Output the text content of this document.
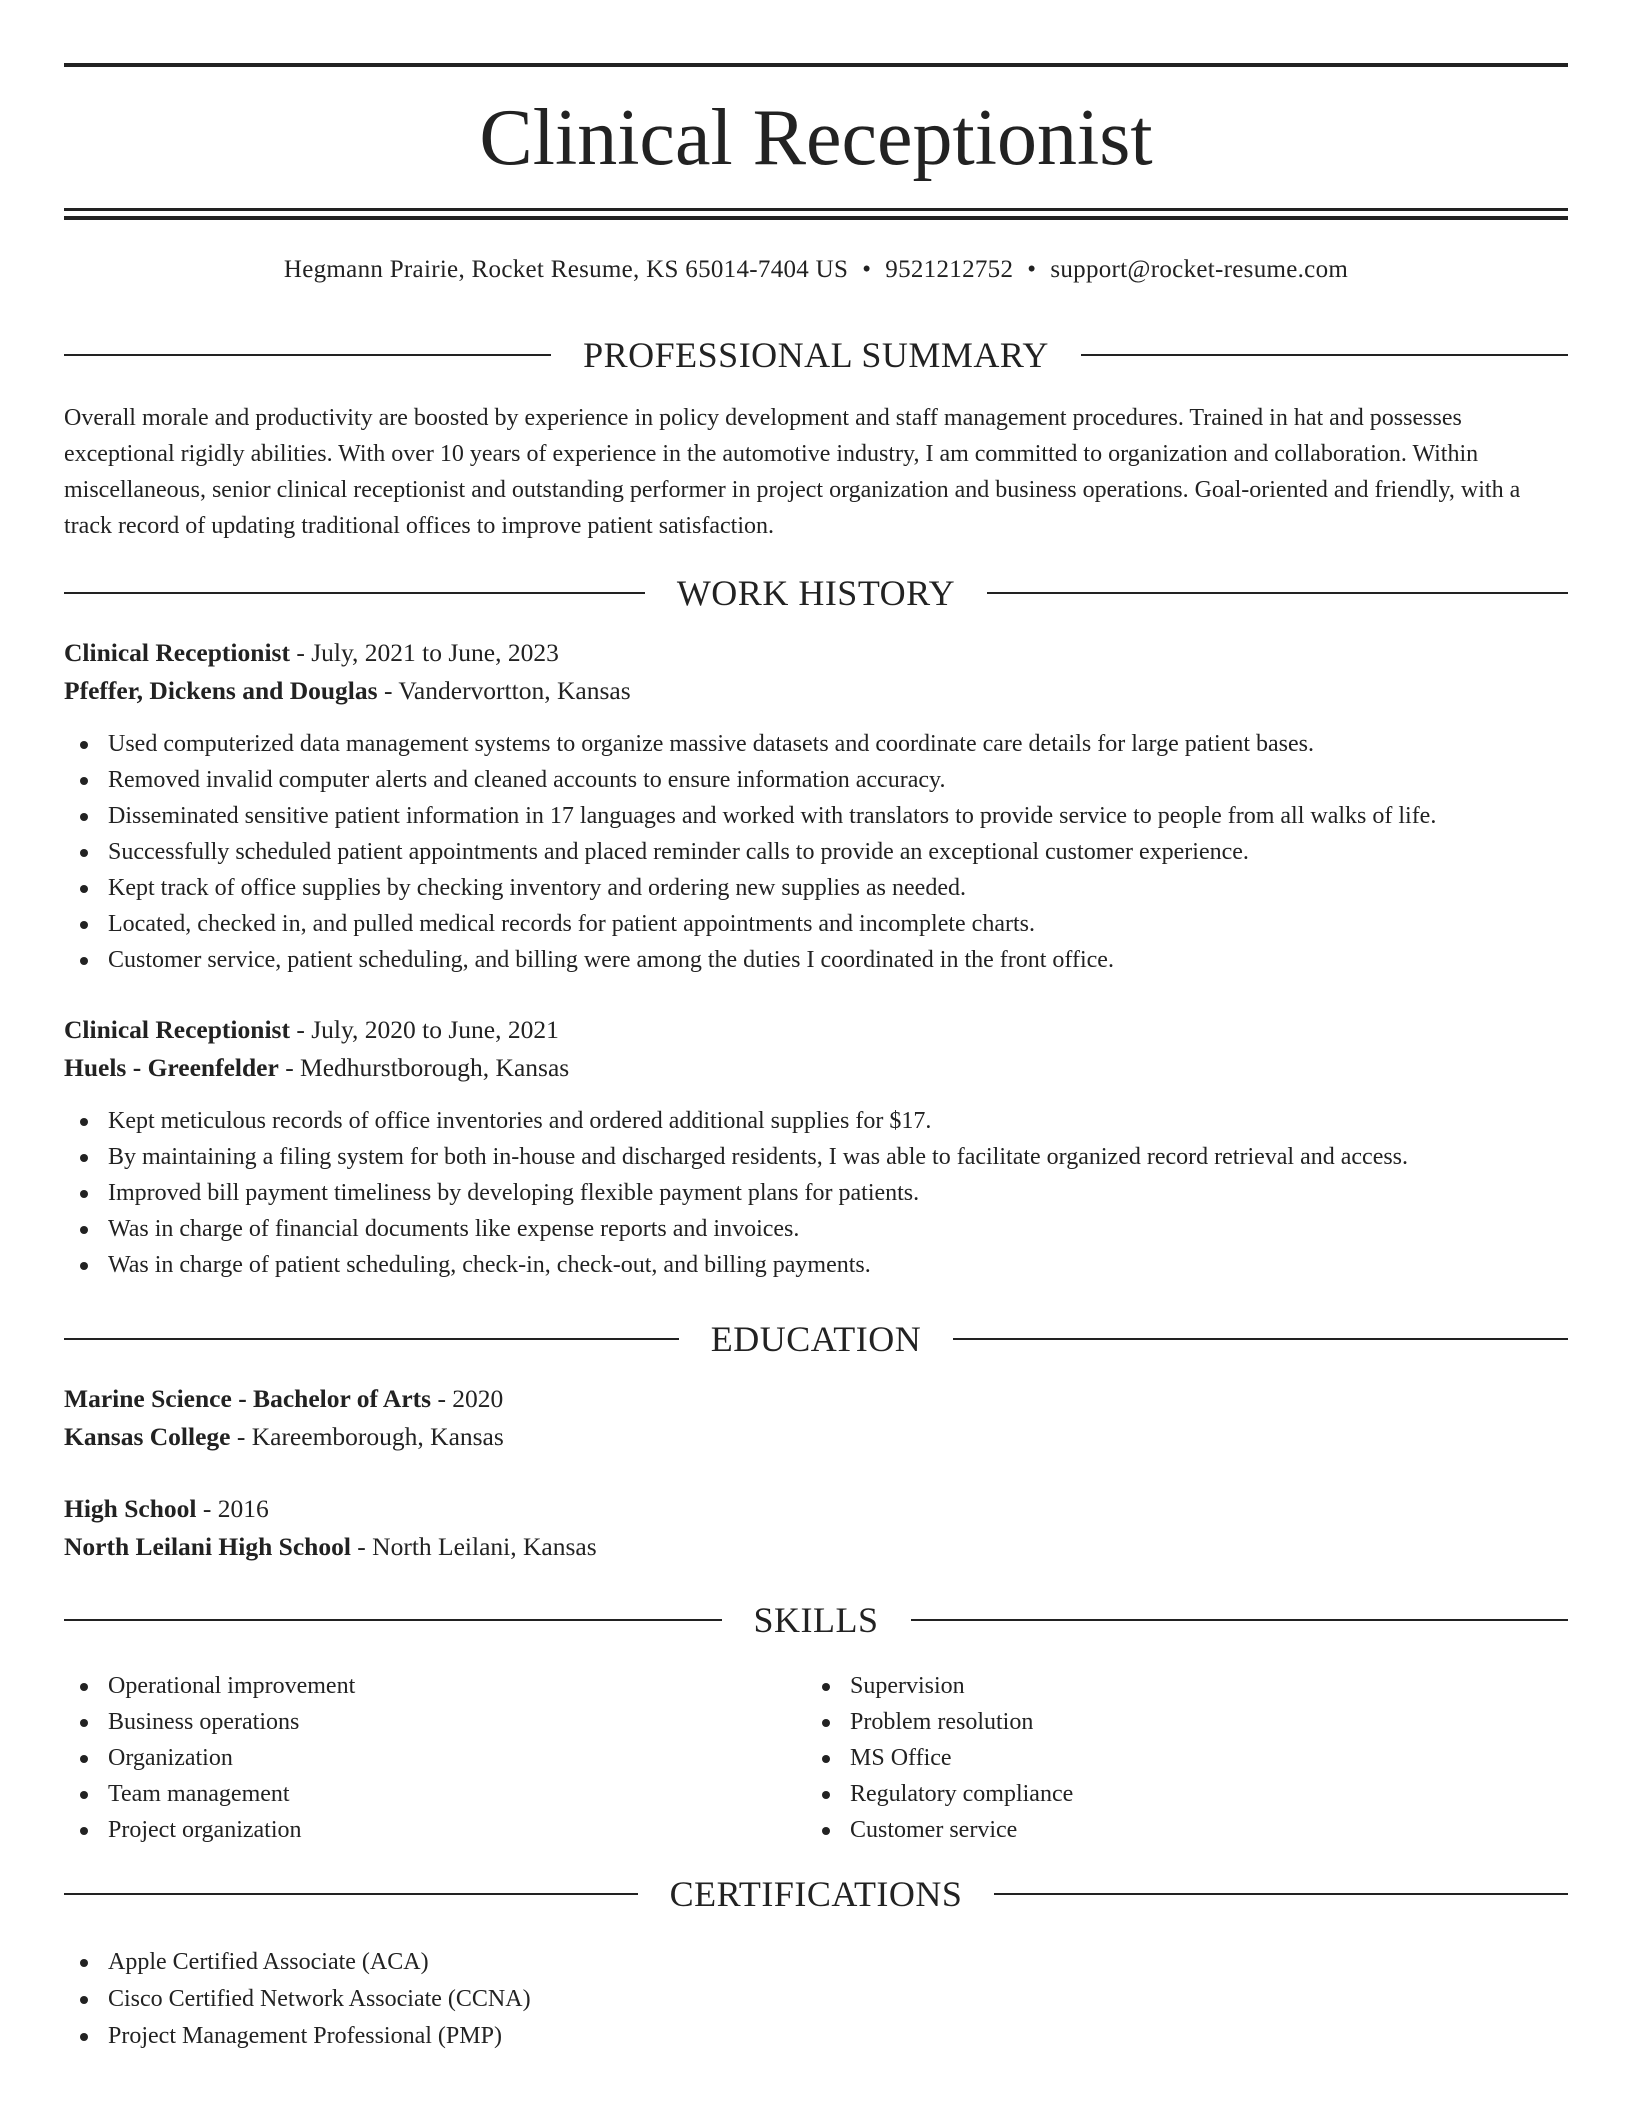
Clinical Receptionist
Hegmann Prairie, Rocket Resume, KS 65014-7404 US • 9521212752 • support@rocket-resume.com
PROFESSIONAL SUMMARY

Overall morale and productivity are boosted by experience in policy development and staff management procedures. Trained in hat and possesses exceptional rigidly abilities. With over 10 years of experience in the automotive industry, I am committed to organization and collaboration. Within miscellaneous, senior clinical receptionist and outstanding performer in project organization and business operations. Goal-oriented and friendly, with a track record of updating traditional offices to improve patient satisfaction.

WORK HISTORY
Clinical Receptionist - July, 2021 to June, 2023
Pfeffer, Dickens and Douglas - Vandervortton, Kansas
Used computerized data management systems to organize massive datasets and coordinate care details for large patient bases.
Removed invalid computer alerts and cleaned accounts to ensure information accuracy.
Disseminated sensitive patient information in 17 languages and worked with translators to provide service to people from all walks of life.
Successfully scheduled patient appointments and placed reminder calls to provide an exceptional customer experience.
Kept track of office supplies by checking inventory and ordering new supplies as needed.
Located, checked in, and pulled medical records for patient appointments and incomplete charts.
Customer service, patient scheduling, and billing were among the duties I coordinated in the front office.
Clinical Receptionist - July, 2020 to June, 2021
Huels - Greenfelder - Medhurstborough, Kansas
Kept meticulous records of office inventories and ordered additional supplies for $17.
By maintaining a filing system for both in-house and discharged residents, I was able to facilitate organized record retrieval and access.
Improved bill payment timeliness by developing flexible payment plans for patients.
Was in charge of financial documents like expense reports and invoices.
Was in charge of patient scheduling, check-in, check-out, and billing payments.
EDUCATION
Marine Science - Bachelor of Arts - 2020
Kansas College - Kareemborough, Kansas
High School - 2016
North Leilani High School - North Leilani, Kansas
SKILLS
Operational improvement
Business operations
Organization
Team management
Project organization
Supervision
Problem resolution
MS Office
Regulatory compliance
Customer service
CERTIFICATIONS
Apple Certified Associate (ACA)
Cisco Certified Network Associate (CCNA)
Project Management Professional (PMP)
